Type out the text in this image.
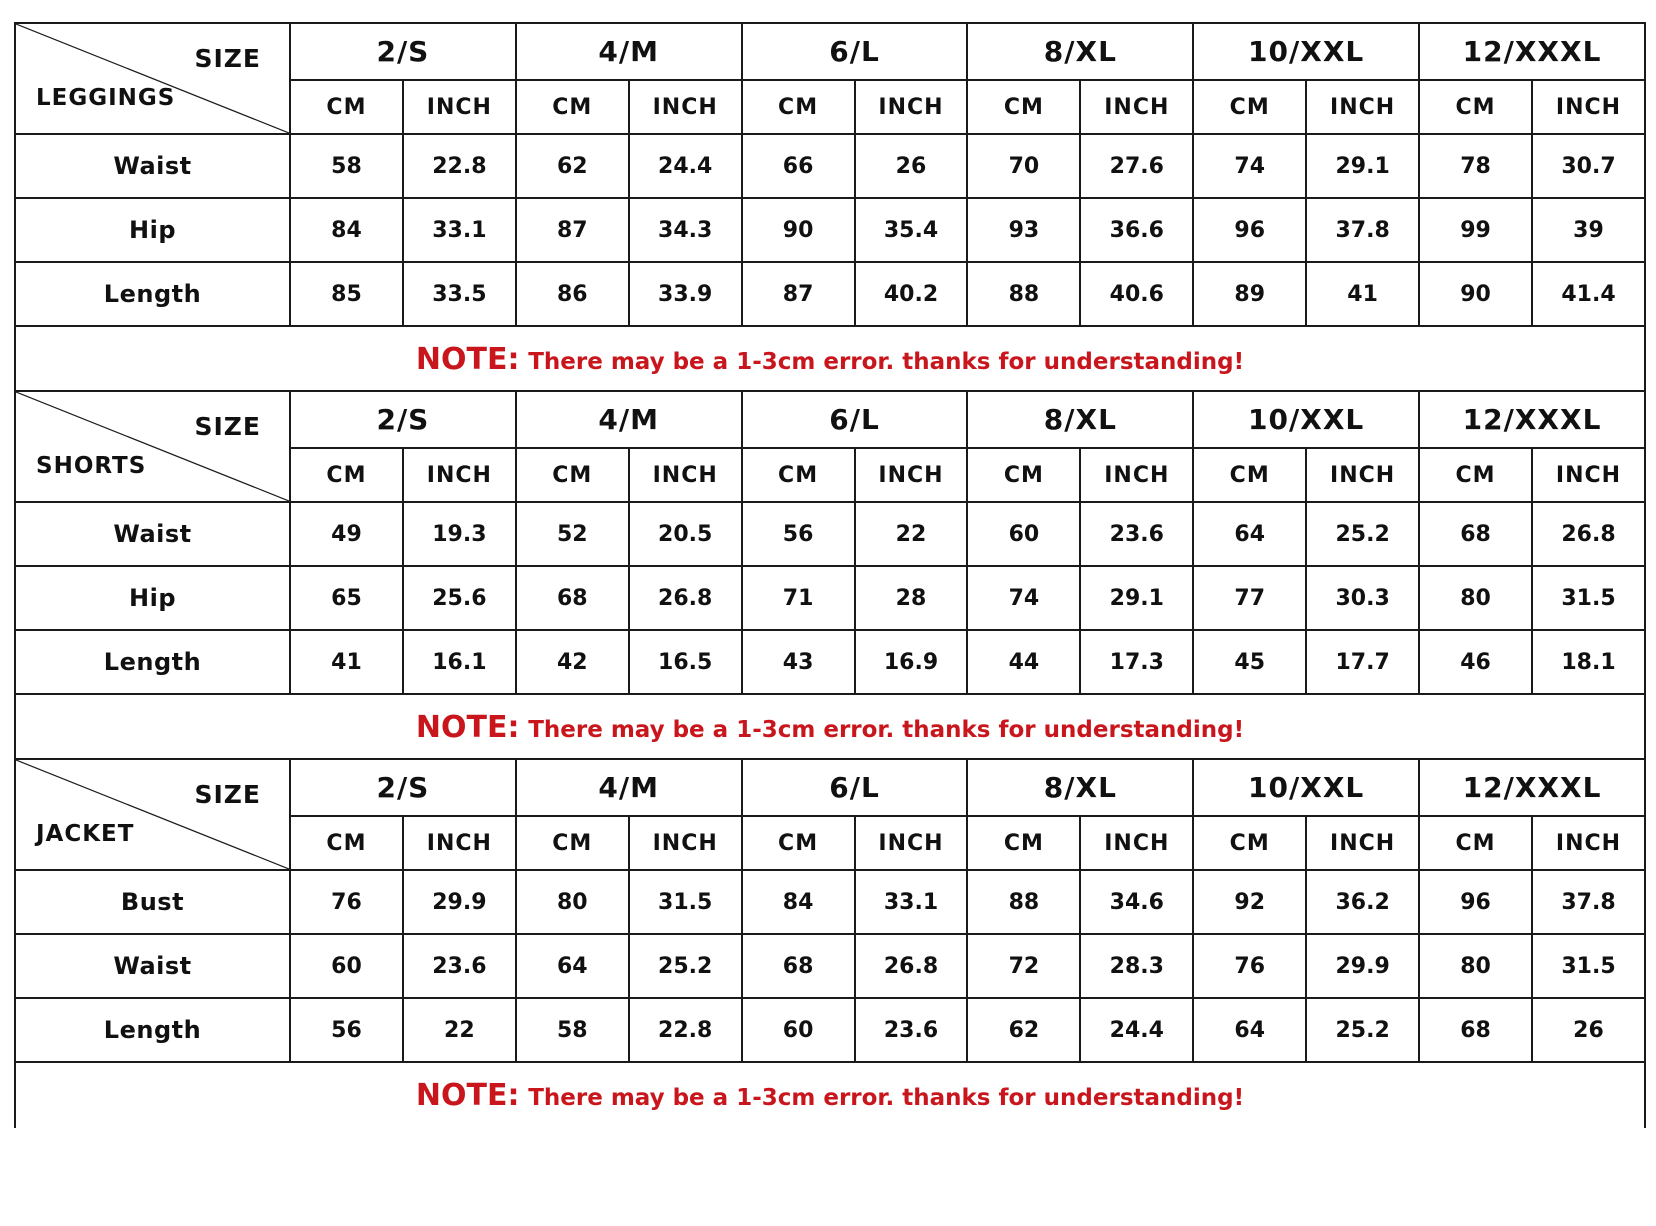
SIZE
LEGGINGS	2/S		4/M		6/L		8/XL		10/XXL		12/XXXL	
	CM	INCH	CM	INCH	CM	INCH	CM	INCH	CM	INCH	CM	INCH
Waist	58	22.8	62	24.4	66	26	70	27.6	74	29.1	78	30.7
Hip	84	33.1	87	34.3	90	35.4	93	36.6	96	37.8	99	39
Length	85	33.5	86	33.9	87	40.2	88	40.6	89	41	90	41.4
NOTE: There may be a 1-3cm error. thanks for understanding!												
SIZE
SHORTS	2/S		4/M		6/L		8/XL		10/XXL		12/XXXL	
	CM	INCH	CM	INCH	CM	INCH	CM	INCH	CM	INCH	CM	INCH
Waist	49	19.3	52	20.5	56	22	60	23.6	64	25.2	68	26.8
Hip	65	25.6	68	26.8	71	28	74	29.1	77	30.3	80	31.5
Length	41	16.1	42	16.5	43	16.9	44	17.3	45	17.7	46	18.1
NOTE: There may be a 1-3cm error. thanks for understanding!												
SIZE
JACKET	2/S		4/M		6/L		8/XL		10/XXL		12/XXXL	
	CM	INCH	CM	INCH	CM	INCH	CM	INCH	CM	INCH	CM	INCH
Bust	76	29.9	80	31.5	84	33.1	88	34.6	92	36.2	96	37.8
Waist	60	23.6	64	25.2	68	26.8	72	28.3	76	29.9	80	31.5
Length	56	22	58	22.8	60	23.6	62	24.4	64	25.2	68	26
NOTE: There may be a 1-3cm error. thanks for understanding!												
